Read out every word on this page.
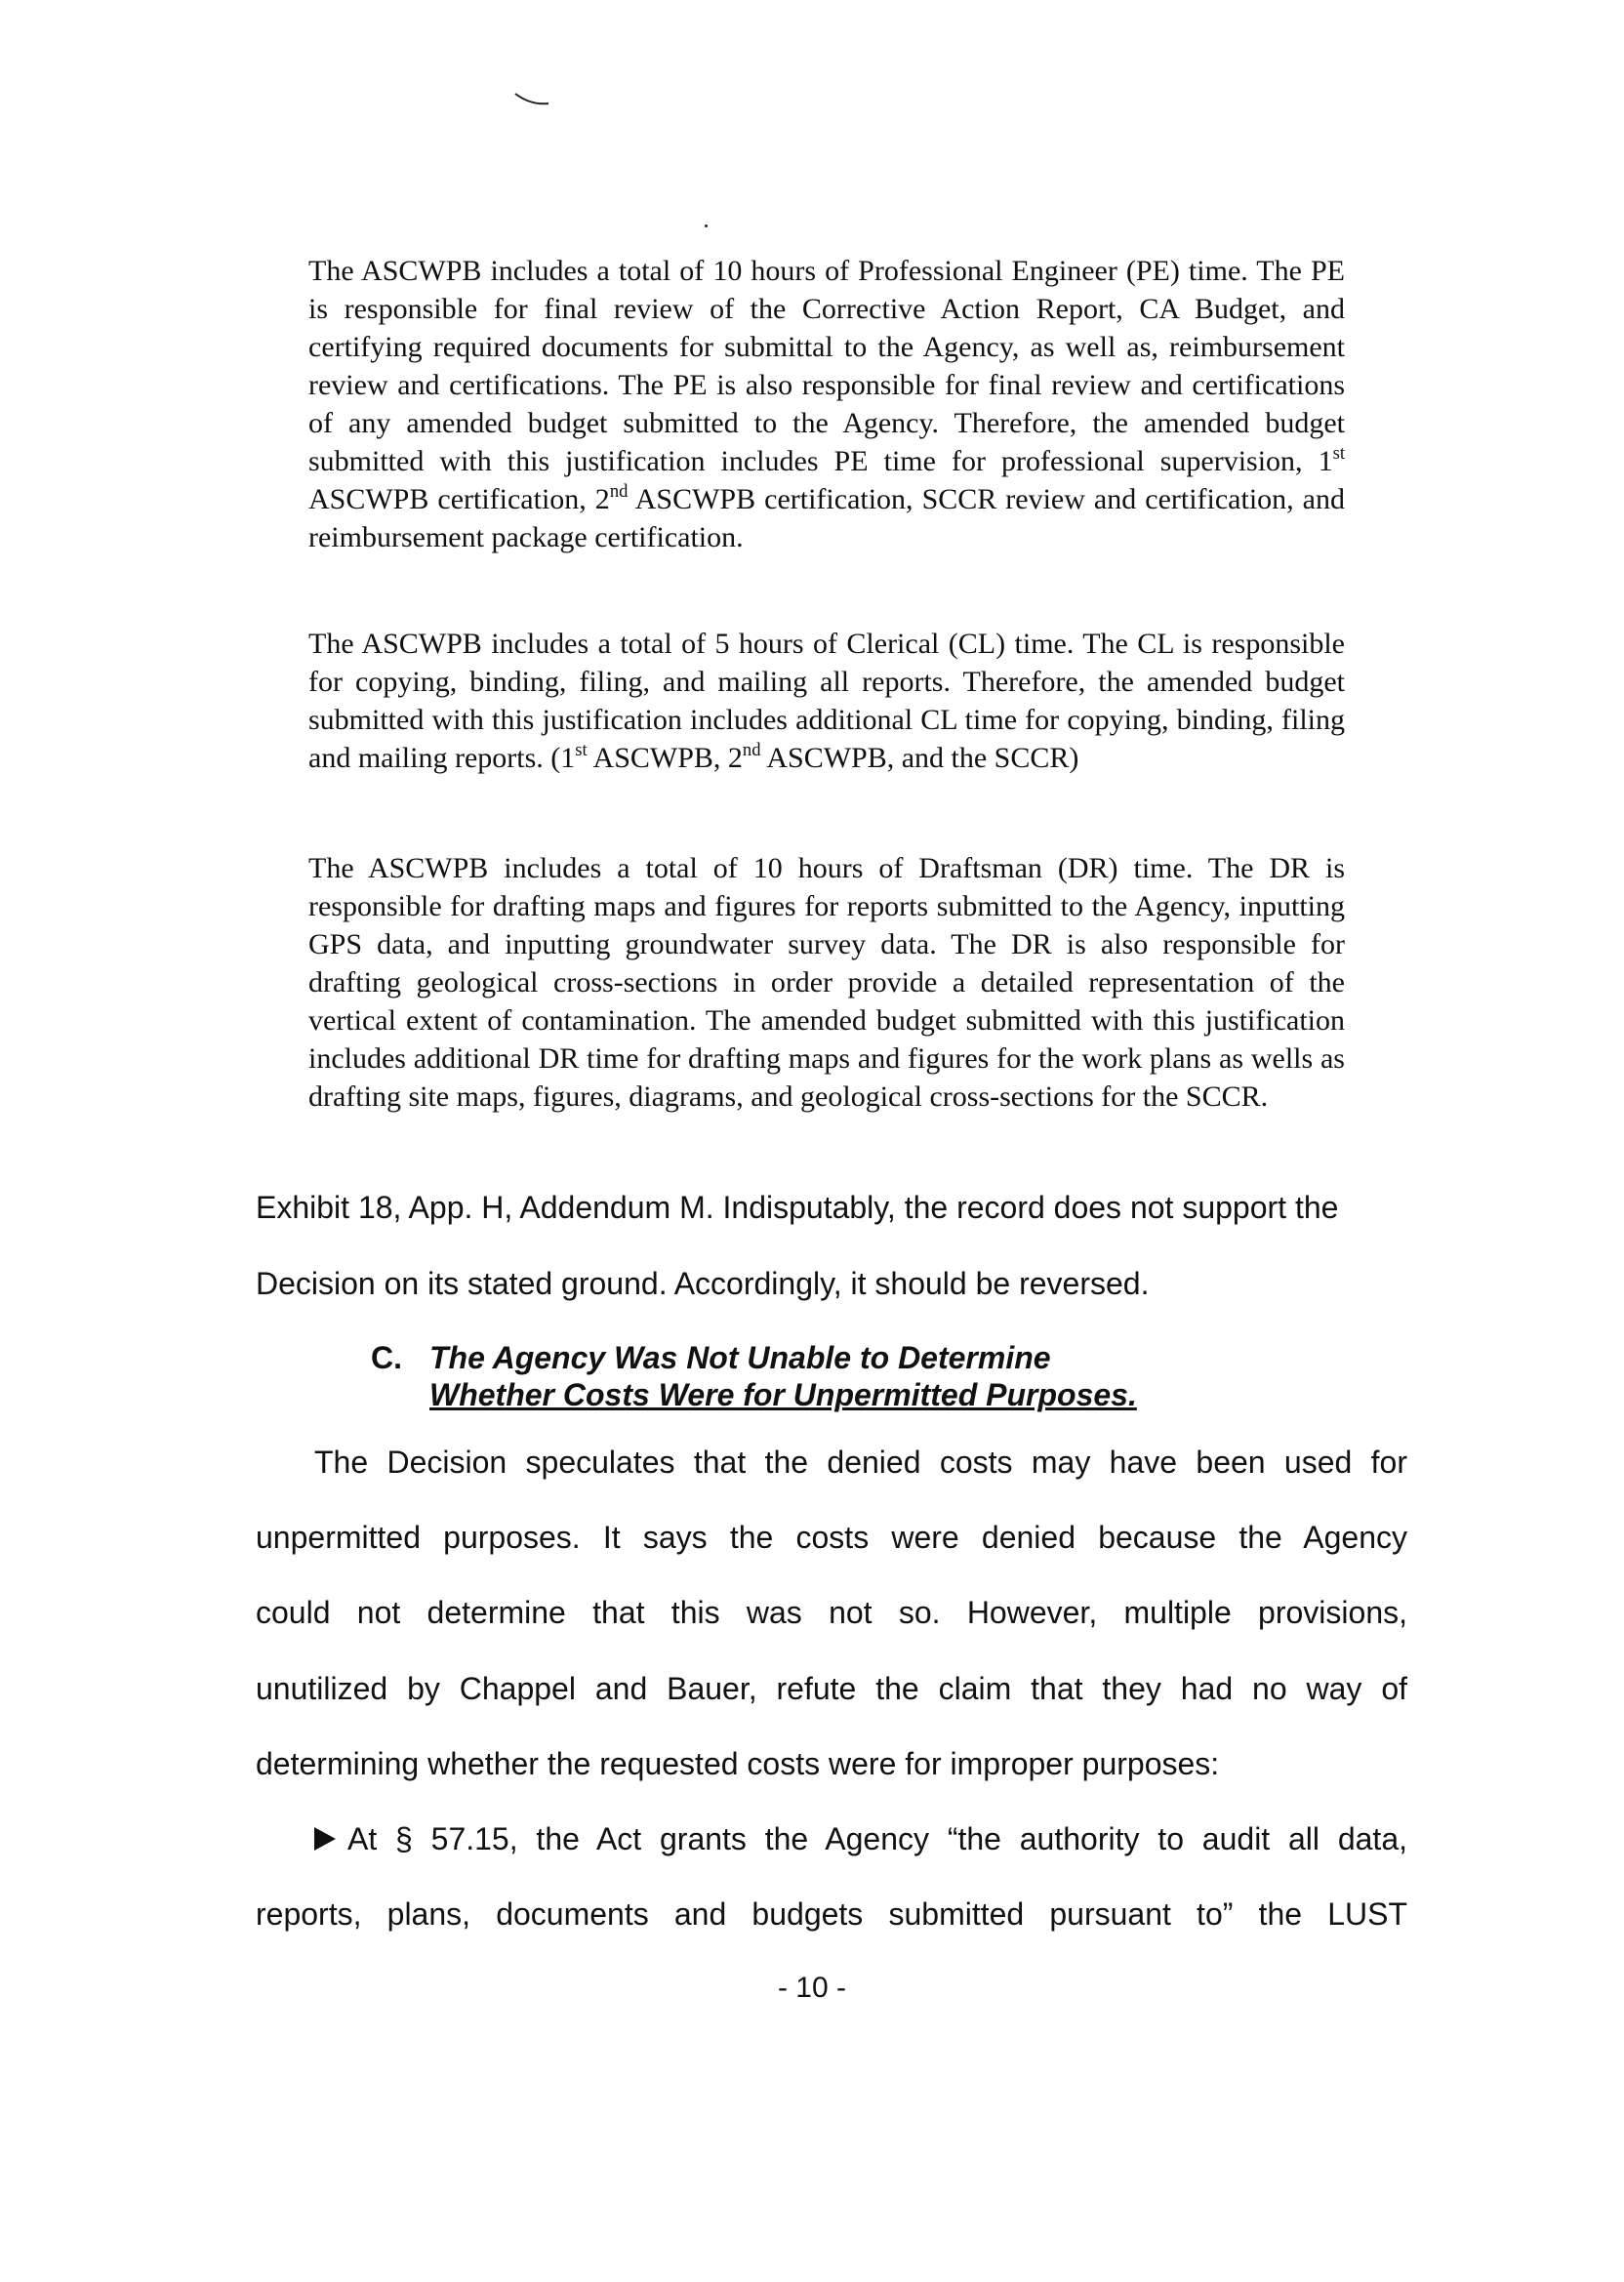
The ASCWPB includes a total of 10 hours of Professional Engineer (PE) time. The PE is responsible for final review of the Corrective Action Report, CA Budget, and certifying required documents for submittal to the Agency, as well as, reimbursement review and certifications. The PE is also responsible for final review and certifications of any amended budget submitted to the Agency. Therefore, the amended budget submitted with this justification includes PE time for professional supervision, 1st ASCWPB certification, 2nd ASCWPB certification, SCCR review and certification, and reimbursement package certification.

The ASCWPB includes a total of 5 hours of Clerical (CL) time. The CL is responsible for copying, binding, filing, and mailing all reports. Therefore, the amended budget submitted with this justification includes additional CL time for copying, binding, filing and mailing reports. (1st ASCWPB, 2nd ASCWPB, and the SCCR)

The ASCWPB includes a total of 10 hours of Draftsman (DR) time. The DR is responsible for drafting maps and figures for reports submitted to the Agency, inputting GPS data, and inputting groundwater survey data. The DR is also responsible for drafting geological cross-sections in order provide a detailed representation of the vertical extent of contamination. The amended budget submitted with this justification includes additional DR time for drafting maps and figures for the work plans as wells as drafting site maps, figures, diagrams, and geological cross-sections for the SCCR.

Exhibit 18, App. H, Addendum M. Indisputably, the record does not support the

Decision on its stated ground. Accordingly, it should be reversed.

C. The Agency Was Not Unable to Determine
Whether Costs Were for Unpermitted Purposes.

The Decision speculates that the denied costs may have been used for

unpermitted purposes. It says the costs were denied because the Agency

could not determine that this was not so. However, multiple provisions,

unutilized by Chappel and Bauer, refute the claim that they had no way of

determining whether the requested costs were for improper purposes:

At § 57.15, the Act grants the Agency “the authority to audit all data,

reports, plans, documents and budgets submitted pursuant to” the LUST

- 10 -
